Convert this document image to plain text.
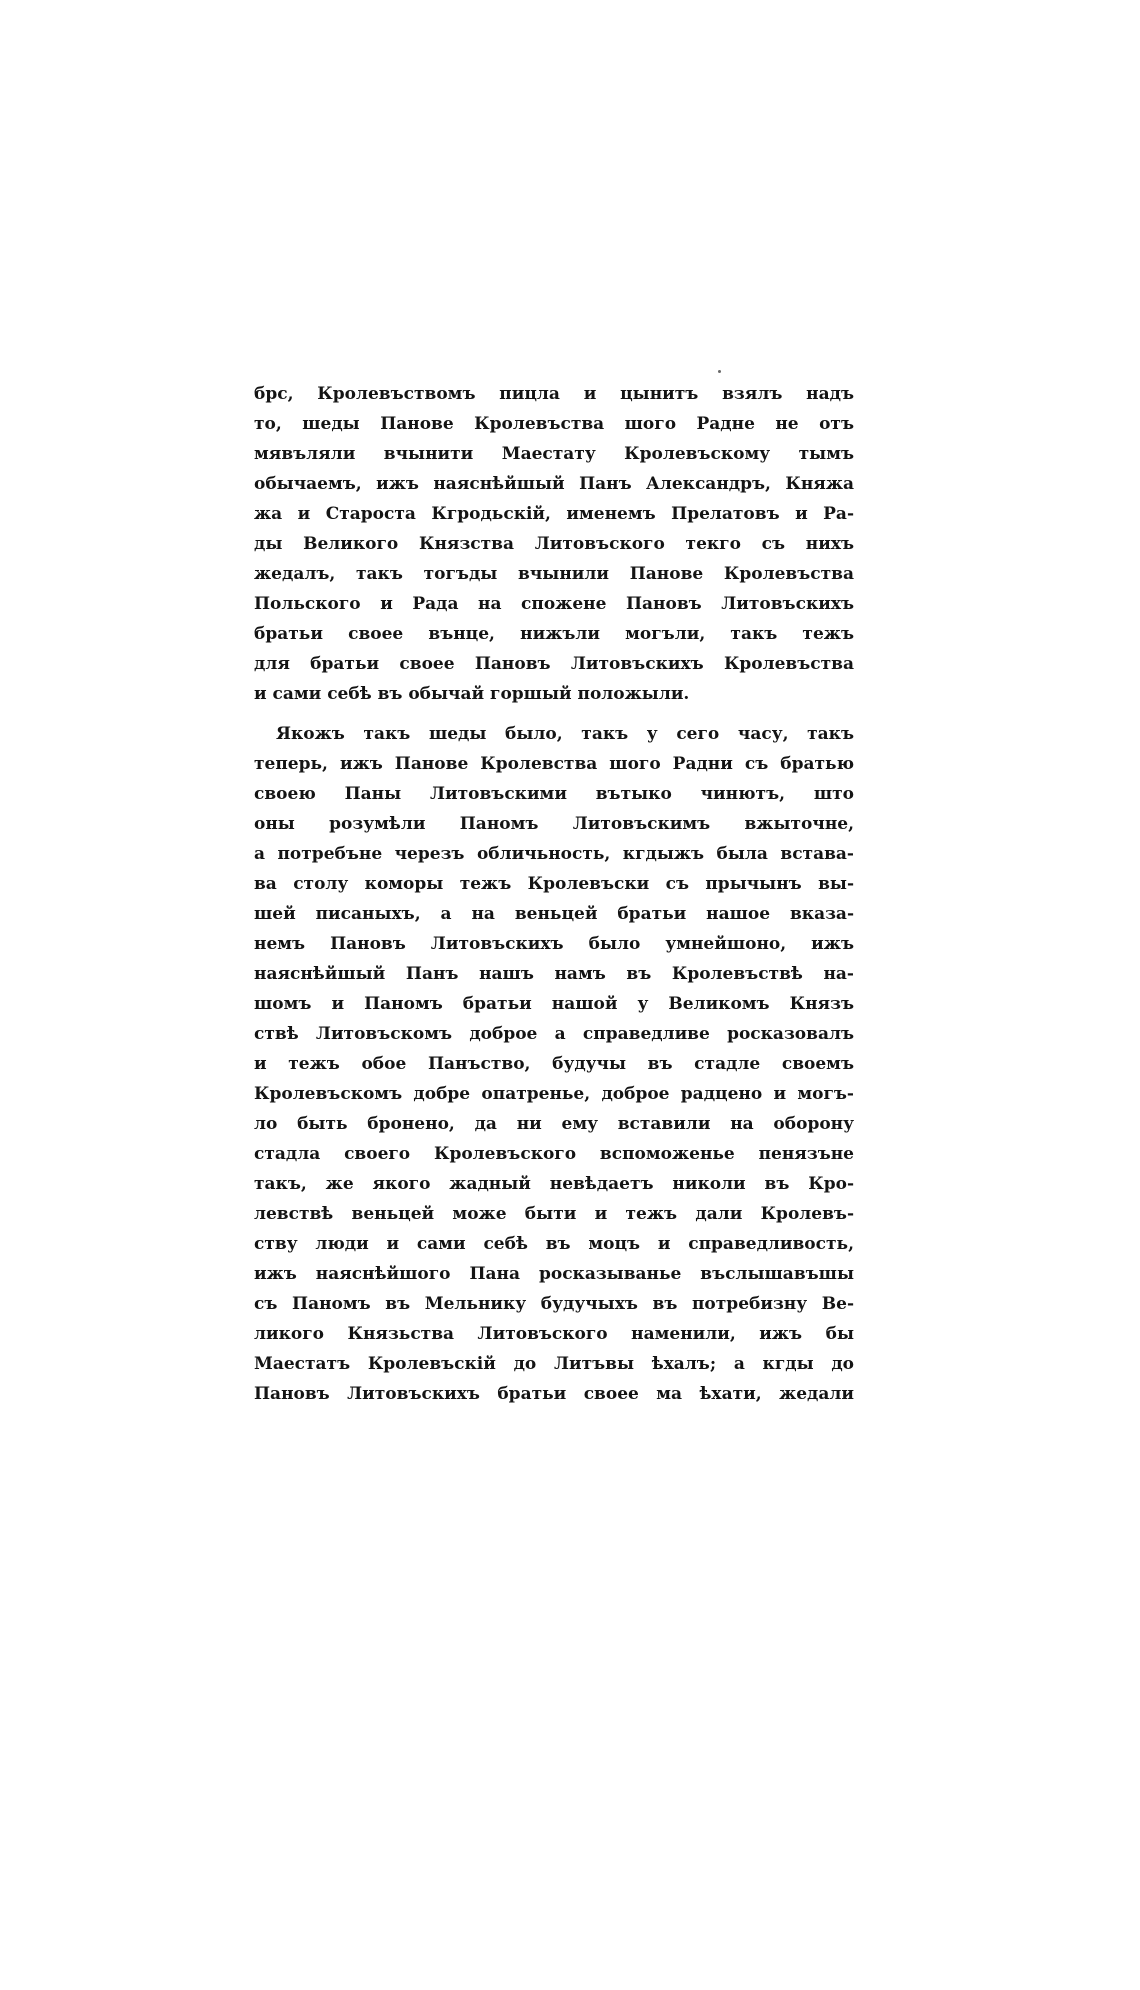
брс, Кролевъствомъ пицла и цынитъ взялъ надъ
то, шеды Панове Кролевъствa шого Радне не отъ
мявъляли вчынити Маестату Кролевъскому тымъ
обычаемъ, ижъ наяснѣйшый Панъ Александръ, Княжа
жа и Староста Кгродьскій, именемъ Прелатовъ и Ра-
ды Великого Князства Литовъского текго съ нихъ
жедалъ, такъ тогъды вчынили Панове Кролевъства
Польского и Рада на спожене Пановъ Литовъскихъ
братьи своее вънце, нижъли могъли, такъ тежъ
для братьи своее Пановъ Литовъскихъ Кролевъства
и сами себѣ въ обычай горшый положыли.
Якожъ такъ шеды было, такъ у сего часу, такъ
теперь, ижъ Панове Кролевства шого Радни съ братью
своею Паны Литовъскими вътыко чинютъ, што
оны розумѣли Паномъ Литовъскимъ вжыточне,
а потребъне черезъ обличьность, кгдыжъ была встава-
ва столу коморы тежъ Кролевъски съ прычынъ вы-
шей писаныхъ, а на веньцей братьи нашое вказа-
немъ Пановъ Литовъскихъ было умнейшоно, ижъ
наяснѣйшый Панъ нашъ намъ въ Кролевъствѣ на-
шомъ и Паномъ братьи нашой у Великомъ Князъ
ствѣ Литовъскомъ доброе а справедливе росказовалъ
и тежъ обое Панъство, будучы въ стадле своемъ
Кролевъскомъ добре опатренье, доброе радцено и могъ-
ло быть бронено, да ни ему вставили на оборону
стадла своего Кролевъского вспоможенье пенязъне
такъ, же якого жадный невѣдаетъ николи въ Кро-
левствѣ веньцей може быти и тежъ дали Кролевъ-
ству люди и сами себѣ въ моцъ и справедливость,
ижъ наяснѣйшого Пана росказыванье въслышавъшы
съ Паномъ въ Мельнику будучыхъ въ потребизну Ве-
ликого Князьства Литовъского наменили, ижъ бы
Маестатъ Кролевъскій до Литъвы ѣхалъ; а кгды до
Пановъ Литовъскихъ братьи своее ма ѣхати, жедали
